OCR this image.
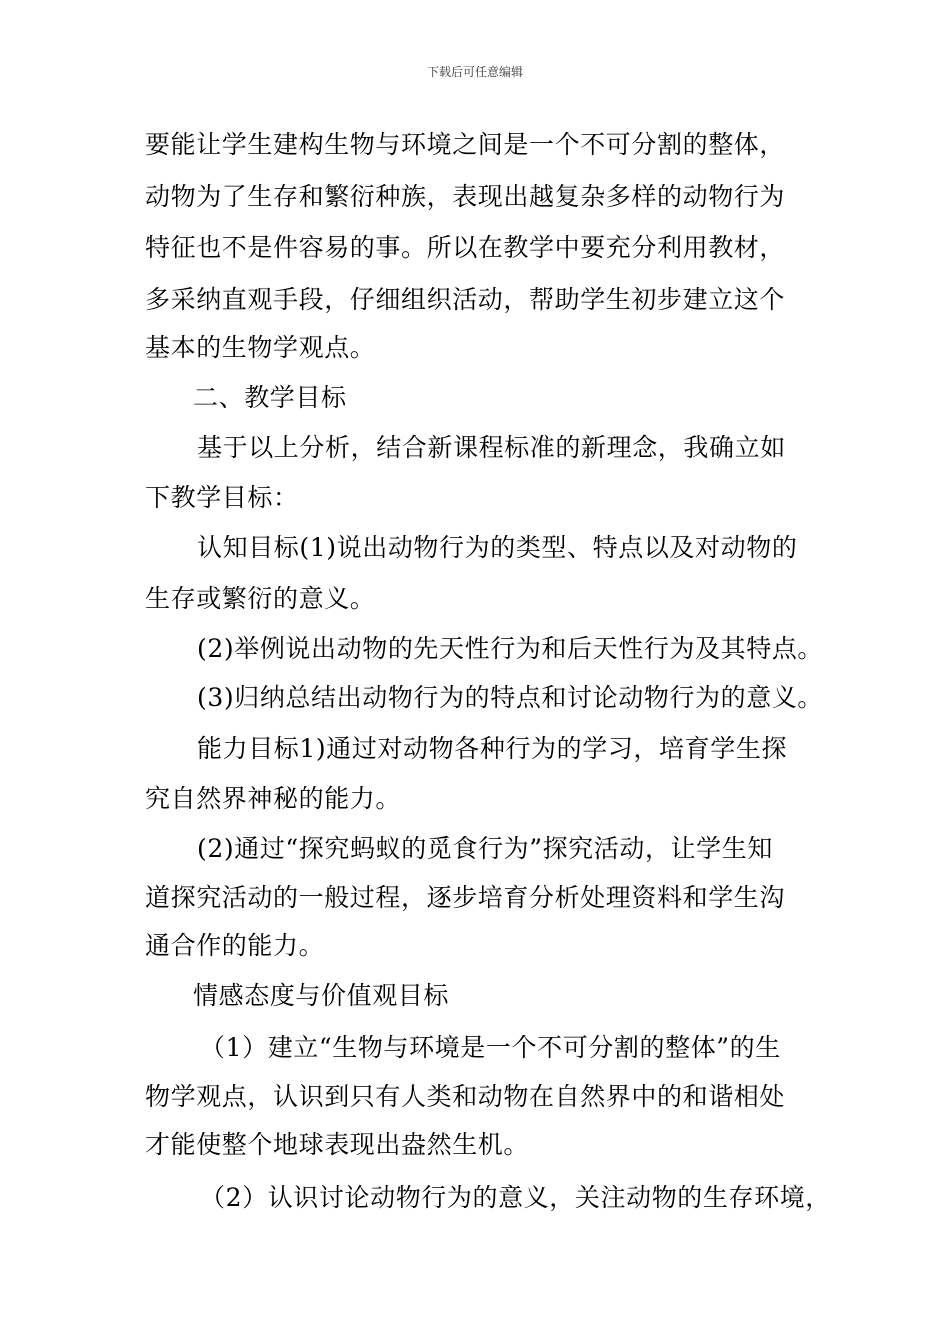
下载后可任意编辑
要能让学生建构生物与环境之间是一个不可分割的整体，
动物为了生存和繁衍种族，表现出越复杂多样的动物行为
特征也不是件容易的事。所以在教学中要充分利用教材，
多采纳直观手段，仔细组织活动，帮助学生初步建立这个
基本的生物学观点。
二、教学目标
基于以上分析，结合新课程标准的新理念，我确立如
下教学目标：
认知目标(1)说出动物行为的类型、特点以及对动物的
生存或繁衍的意义。
(2)举例说出动物的先天性行为和后天性行为及其特点。
(3)归纳总结出动物行为的特点和讨论动物行为的意义。
能力目标1)通过对动物各种行为的学习，培育学生探
究自然界神秘的能力。
(2)通过“探究蚂蚁的觅食行为”探究活动，让学生知
道探究活动的一般过程，逐步培育分析处理资料和学生沟
通合作的能力。
情感态度与价值观目标
（1）建立“生物与环境是一个不可分割的整体”的生
物学观点，认识到只有人类和动物在自然界中的和谐相处
才能使整个地球表现出盎然生机。
（2）认识讨论动物行为的意义，关注动物的生存环境，
